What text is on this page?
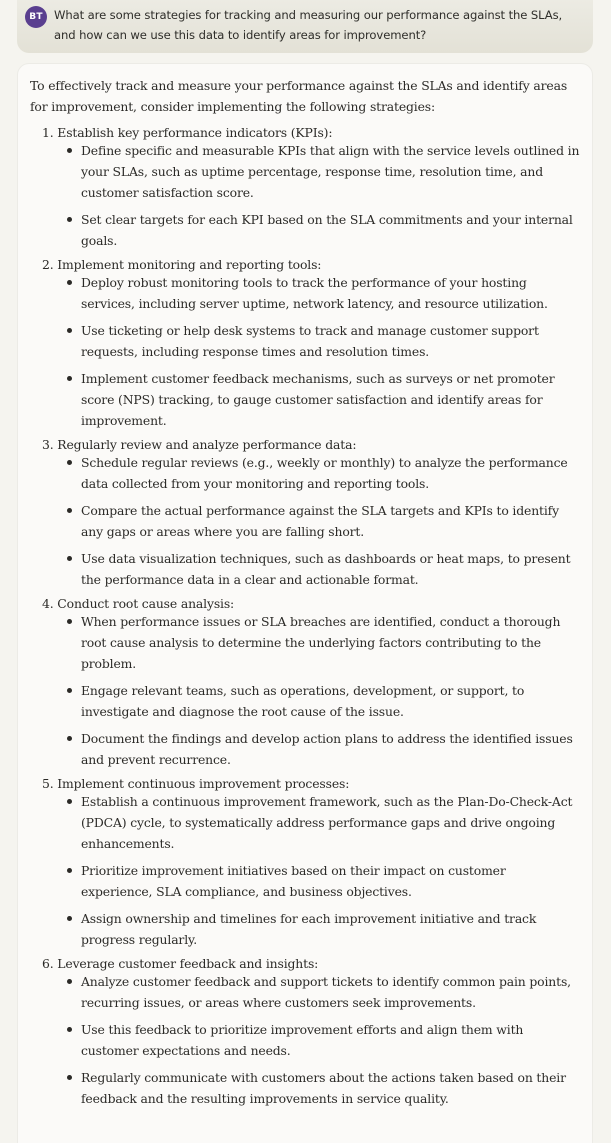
BT What are some strategies for tracking and measuring our performance against the SLAs, and how can we use this data to identify areas for improvement?

To effectively track and measure your performance against the SLAs and identify areas for improvement, consider implementing the following strategies:

1. Establish key performance indicators (KPIs):
Define specific and measurable KPIs that align with the service levels outlined in your SLAs, such as uptime percentage, response time, resolution time, and customer satisfaction score.
Set clear targets for each KPI based on the SLA commitments and your internal goals.
2. Implement monitoring and reporting tools:
Deploy robust monitoring tools to track the performance of your hosting services, including server uptime, network latency, and resource utilization.
Use ticketing or help desk systems to track and manage customer support requests, including response times and resolution times.
Implement customer feedback mechanisms, such as surveys or net promoter score (NPS) tracking, to gauge customer satisfaction and identify areas for improvement.
3. Regularly review and analyze performance data:
Schedule regular reviews (e.g., weekly or monthly) to analyze the performance data collected from your monitoring and reporting tools.
Compare the actual performance against the SLA targets and KPIs to identify any gaps or areas where you are falling short.
Use data visualization techniques, such as dashboards or heat maps, to present the performance data in a clear and actionable format.
4. Conduct root cause analysis:
When performance issues or SLA breaches are identified, conduct a thorough root cause analysis to determine the underlying factors contributing to the problem.
Engage relevant teams, such as operations, development, or support, to investigate and diagnose the root cause of the issue.
Document the findings and develop action plans to address the identified issues and prevent recurrence.
5. Implement continuous improvement processes:
Establish a continuous improvement framework, such as the Plan-Do-Check-Act (PDCA) cycle, to systematically address performance gaps and drive ongoing enhancements.
Prioritize improvement initiatives based on their impact on customer experience, SLA compliance, and business objectives.
Assign ownership and timelines for each improvement initiative and track progress regularly.
6. Leverage customer feedback and insights:
Analyze customer feedback and support tickets to identify common pain points, recurring issues, or areas where customers seek improvements.
Use this feedback to prioritize improvement efforts and align them with customer expectations and needs.
Regularly communicate with customers about the actions taken based on their feedback and the resulting improvements in service quality.
